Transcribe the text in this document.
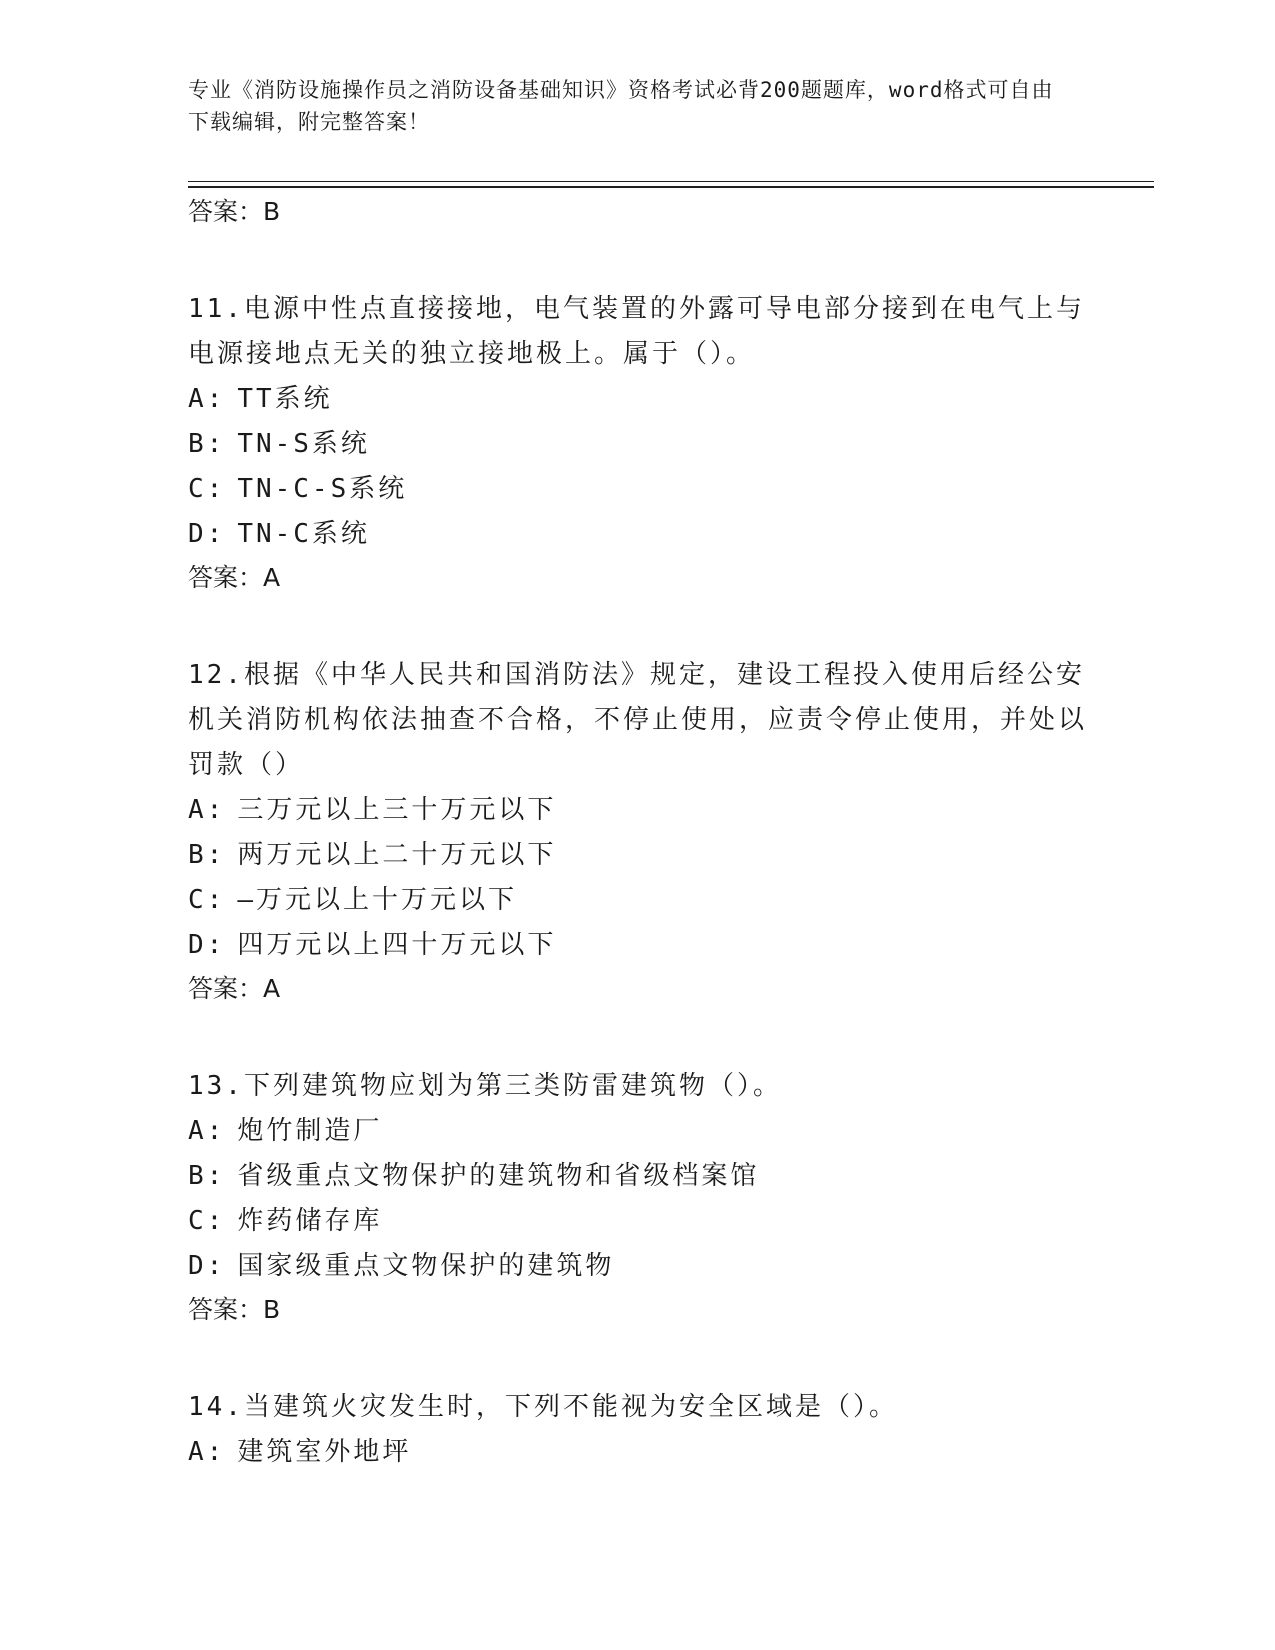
专业《消防设施操作员之消防设备基础知识》资格考试必背200题题库，word格式可自由下载编辑，附完整答案！
答案：B
11.电源中性点直接接地，电气装置的外露可导电部分接到在电气上与电源接地点无关的独立接地极上。属于（）。
A: TT系统
B: TN-S系统
C: TN-C-S系统
D: TN-C系统
答案：A
12.根据《中华人民共和国消防法》规定，建设工程投入使用后经公安机关消防机构依法抽查不合格，不停止使用，应责令停止使用，并处以罚款（）
A: 三万元以上三十万元以下
B: 两万元以上二十万元以下
C: —万元以上十万元以下
D: 四万元以上四十万元以下
答案：A
13.下列建筑物应划为第三类防雷建筑物（）。
A: 炮竹制造厂
B: 省级重点文物保护的建筑物和省级档案馆
C: 炸药储存库
D: 国家级重点文物保护的建筑物
答案：B
14.当建筑火灾发生时，下列不能视为安全区域是（）。
A: 建筑室外地坪
